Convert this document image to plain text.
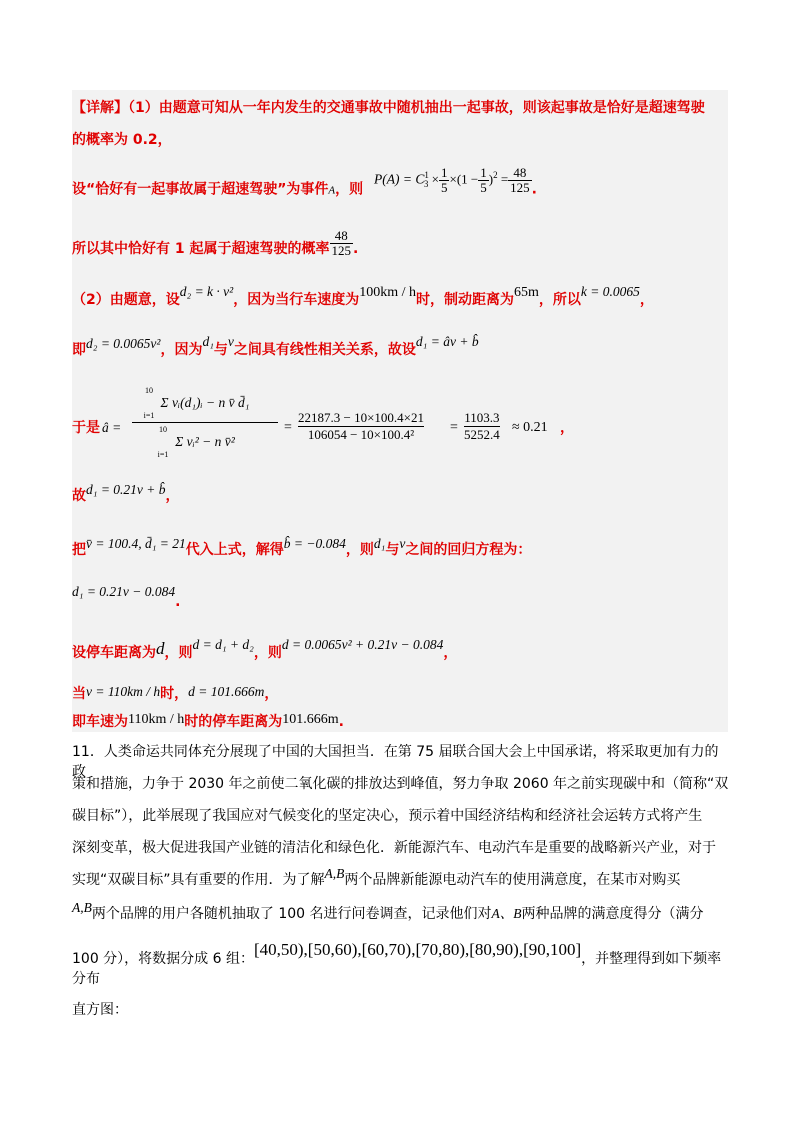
【详解】（1）由题意可知从一年内发生的交通事故中随机抽出一起事故，则该起事故是恰好是超速驾驶
的概率为 0.2，
设“恰好有一起事故属于超速驾驶”为事件A，则 $P(A) = C^1_3 \times \frac{1}{5} \times(1 - \frac{1}{5} )^2 = \frac{48}{125}$ .
所以其中恰好有 1 起属于超速驾驶的概率 $\frac{48}{125}$ .
（2）由题意，设d₂ = k · v²，因为当行车速度为100km / h时，制动距离为65m，所以k = 0.0065，
即d₂ = 0.0065v²，因为d₁与v之间具有线性相关关系，故设d₁ = âv + b̂
于是 â =
10
Σ vᵢ(d₁)ᵢ − n v̄ d̄₁
i=1
10
Σ vᵢ² − n v̄²
i=1
=
22187.3 − 10×100.4×21
106054 − 10×100.4²	=
1103.3
5252.4 ≈ 0.21 ，
故d₁ = 0.21v + b̂，
把v̄ = 100.4, d̄₁ = 21代入上式，解得b̂ = −0.084，则d₁与v之间的回归方程为：
d₁ = 0.21v − 0.084.
设停车距离为d，则d = d₁ + d₂，则d = 0.0065v² + 0.21v − 0.084，
当v = 110km / h时，d = 101.666m，
即车速为110km / h时的停车距离为101.666m.
11．人类命运共同体充分展现了中国的大国担当．在第 75 届联合国大会上中国承诺，将采取更加有力的政
策和措施，力争于 2030 年之前使二氧化碳的排放达到峰值，努力争取 2060 年之前实现碳中和（简称“双
碳目标”），此举展现了我国应对气候变化的坚定决心，预示着中国经济结构和经济社会运转方式将产生
深刻变革，极大促进我国产业链的清洁化和绿色化．新能源汽车、电动汽车是重要的战略新兴产业，对于
实现“双碳目标”具有重要的作用．为了解A,B两个品牌新能源电动汽车的使用满意度，在某市对购买
A,B两个品牌的用户各随机抽取了 100 名进行问卷调查，记录他们对A、B两种品牌的满意度得分（满分
100 分），将数据分成 6 组：[40,50),[50,60),[60,70),[70,80),[80,90),[90,100]，并整理得到如下频率分布
直方图：
